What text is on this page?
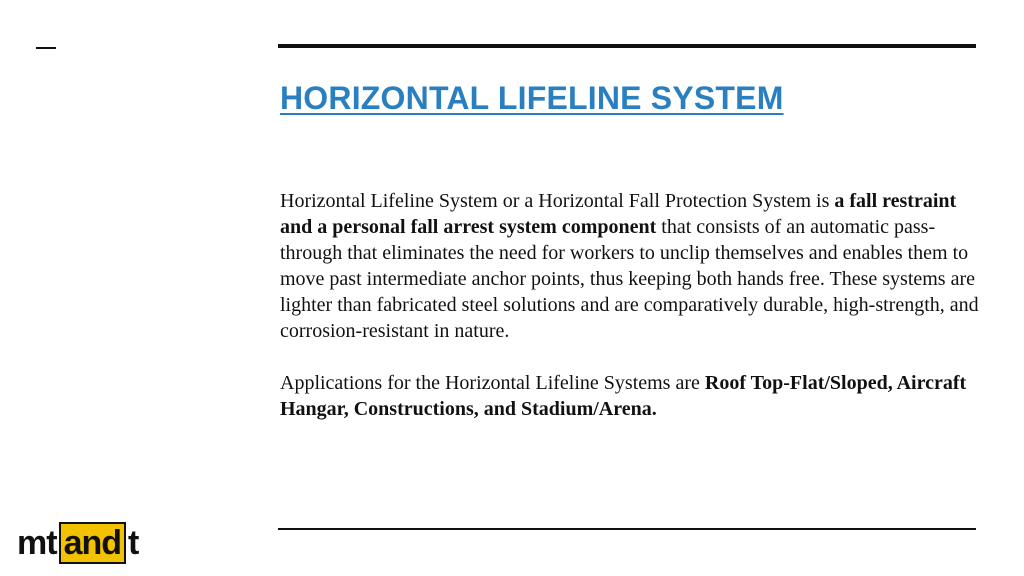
HORIZONTAL LIFELINE SYSTEM

Horizontal Lifeline System or a Horizontal Fall Protection System is a fall restraint and a personal fall arrest system component that consists of an automatic pass-through that eliminates the need for workers to unclip themselves and enables them to move past intermediate anchor points, thus keeping both hands free. These systems are lighter than fabricated steel solutions and are comparatively durable, high-strength, and corrosion-resistant in nature.

Applications for the Horizontal Lifeline Systems are Roof Top-Flat/Sloped, Aircraft Hangar, Constructions, and Stadium/Arena.

mt and t
